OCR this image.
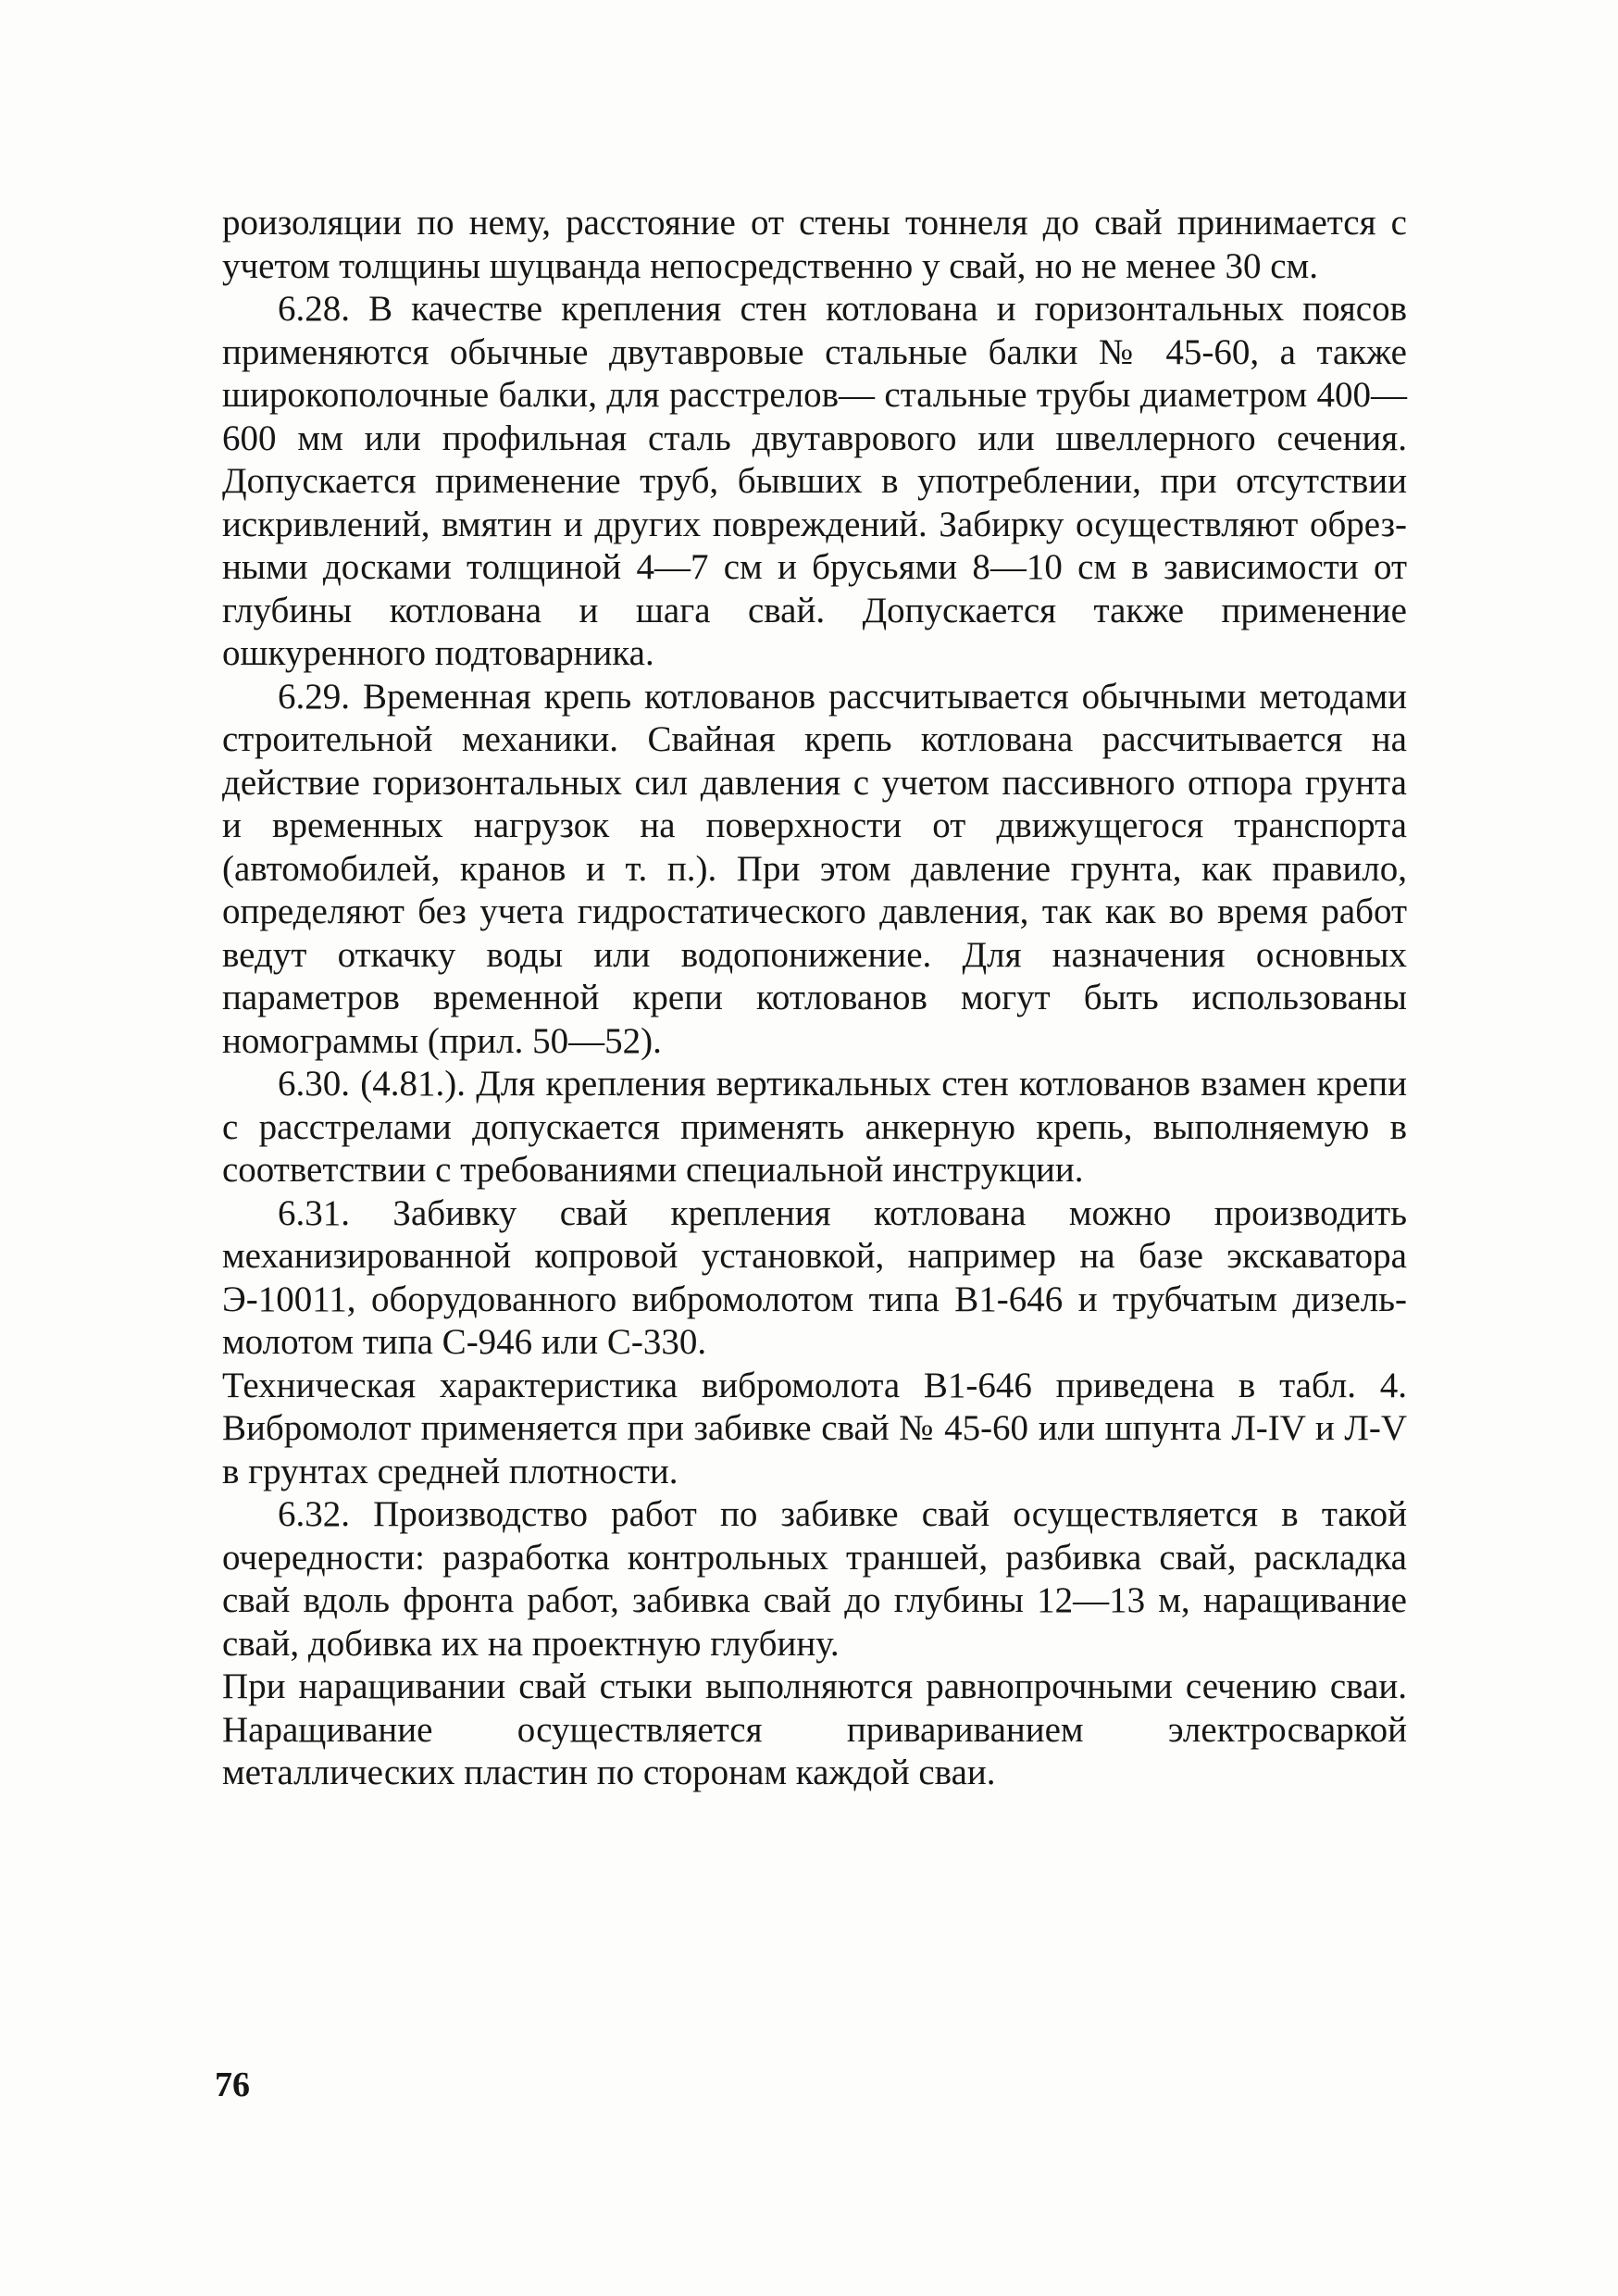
роизоляции по нему, расстояние от стены тоннеля до свай принимается с учетом толщины шуцванда непосредственно у свай, но не менее 30 см.

6.28. В качестве крепления стен котлована и горизонтальных поясов применяются обычные двутавровые стальные балки № 45-60, а также широкополочные балки, для расстрелов— стальные трубы диаметром 400—600 мм или профильная сталь двутаврового или швеллерного сечения. Допускается применение труб, бывших в употреблении, при отсутствии искривлений, вмятин и других повреждений. Забирку осуществляют обрезными досками толщиной 4—7 см и брусьями 8—10 см в зависимости от глубины котлована и шага свай. Допускается также применение ошкуренного подтоварника.

6.29. Временная крепь котлованов рассчитывается обычными методами строительной механики. Свайная крепь котлована рассчитывается на действие горизонтальных сил давления с учетом пассивного отпора грунта и временных нагрузок на поверхности от движущегося транспорта (автомобилей, кранов и т. п.). При этом давление грунта, как правило, определяют без учета гидростатического давления, так как во время работ ведут откачку воды или водопонижение. Для назначения основных параметров временной крепи котлованов могут быть использованы номограммы (прил. 50—52).

6.30. (4.81.). Для крепления вертикальных стен котлованов взамен крепи с расстрелами допускается применять анкерную крепь, выполняемую в соответствии с требованиями специальной инструкции.

6.31. Забивку свай крепления котлована можно производить механизированной копровой установкой, например на базе экскаватора Э-10011, оборудованного вибромолотом типа В1-646 и трубчатым дизель-молотом типа С-946 или С-330.

Техническая характеристика вибромолота В1-646 приведена в табл. 4. Вибромолот применяется при забивке свай № 45-60 или шпунта Л-IV и Л-V в грунтах средней плотности.

6.32. Производство работ по забивке свай осуществляется в такой очередности: разработка контрольных траншей, разбивка свай, раскладка свай вдоль фронта работ, забивка свай до глубины 12—13 м, наращивание свай, добивка их на проектную глубину.

При наращивании свай стыки выполняются равнопрочными сечению сваи. Наращивание осуществляется привариванием электросваркой металлических пластин по сторонам каждой сваи.

76
